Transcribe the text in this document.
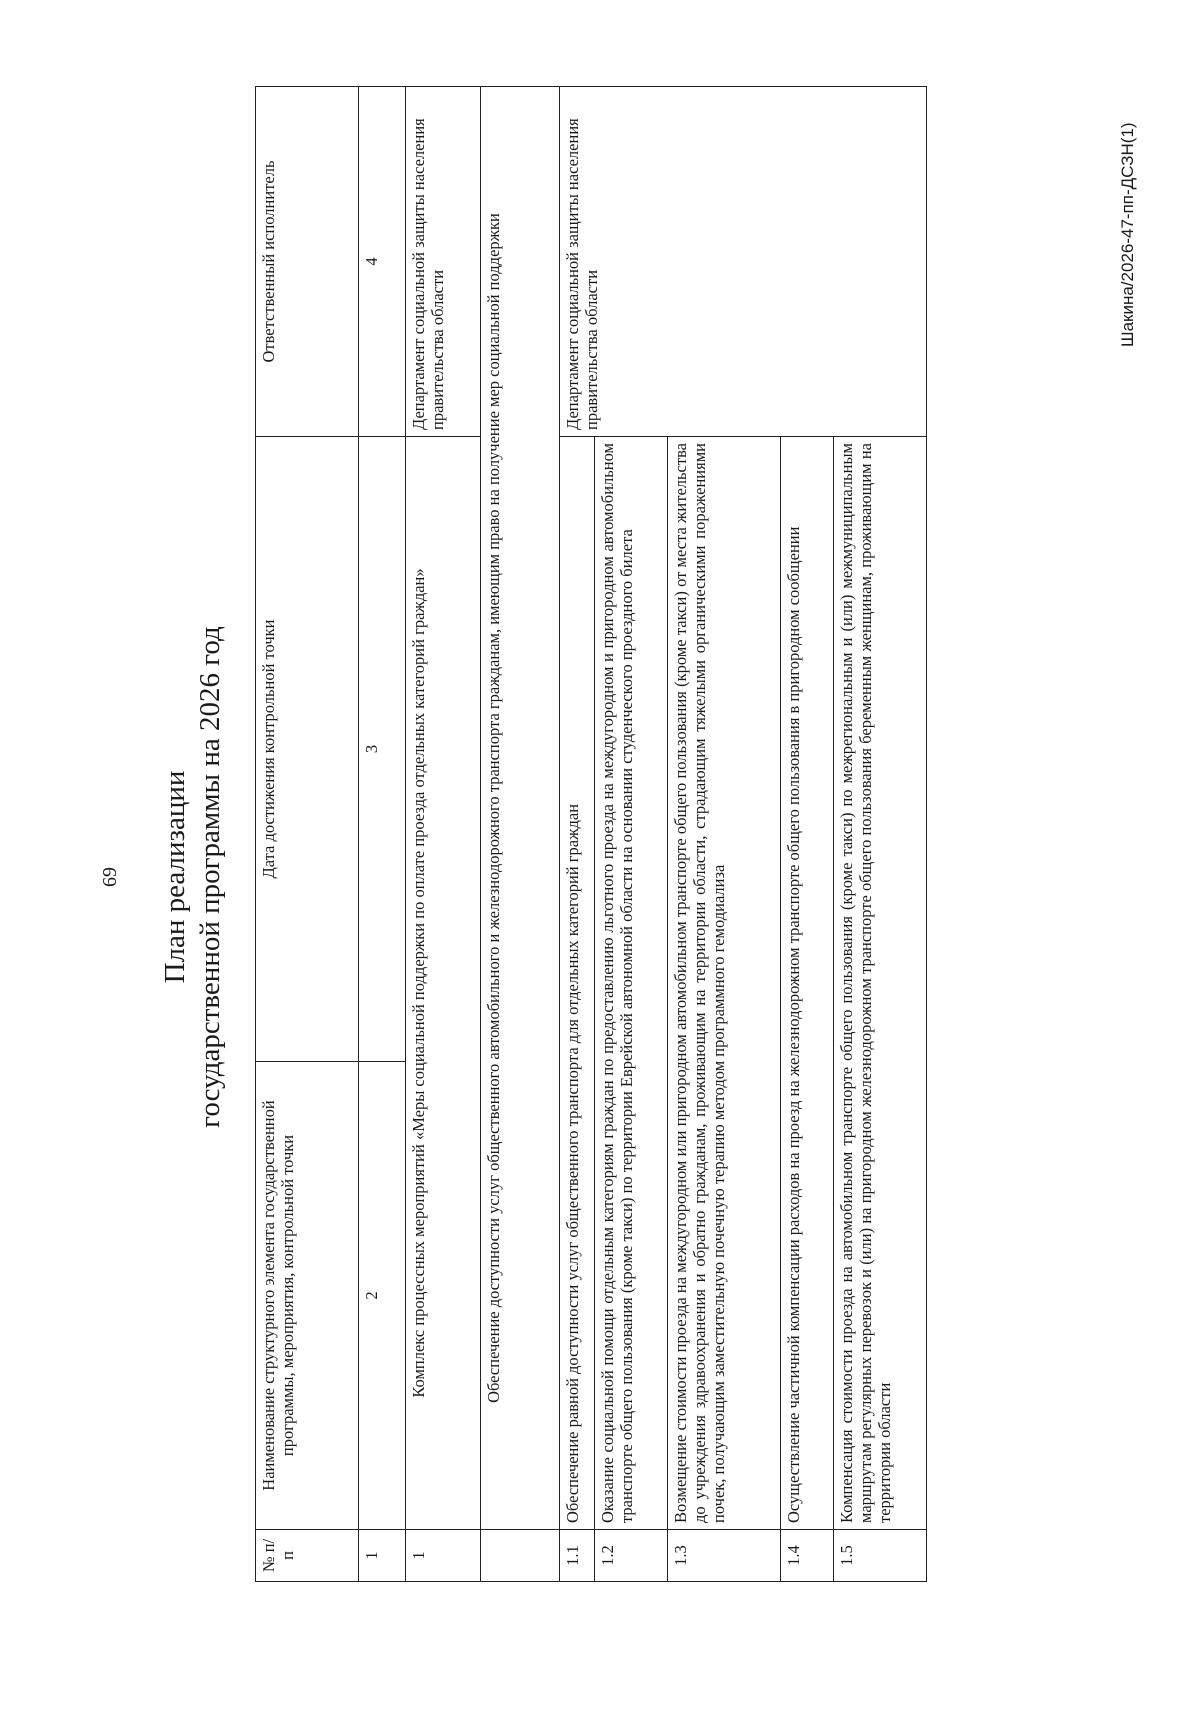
69 План реализации государственной программы на 2026 год
Шакина/2026-47-пп-ДСЗН(1)
№ п/п	Наименование структурного элемента государственной программы, мероприятия, контрольной точки	Дата достижения контрольной точки	Ответственный исполнитель
1	2	3	4
1	Комплекс процессных мероприятий «Меры социальной поддержки по оплате проезда отдельных категорий граждан»		Департамент социальной защиты населения правительства области
	Обеспечение доступности услуг общественного автомобильного и железнодорожного транспорта гражданам, имеющим право на получение мер социальной поддержки		
1.1	Обеспечение равной доступности услуг общественного транспорта для отдельных категорий граждан		Департамент социальной защиты населения правительства области
1.2	Оказание социальной помощи отдельным категориям граждан по предоставлению льготного проезда на междугородном и пригородном автомобильном транспорте общего пользования (кроме такси) по территории Еврейской автономной области на основании студенческого проездного билета		
1.3	Возмещение стоимости проезда на междугородном или пригородном автомобильном транспорте общего пользования (кроме такси) от места жительства до учреждения здравоохранения и обратно гражданам, проживающим на территории области, страдающим тяжелыми органическими поражениями почек, получающим заместительную почечную терапию методом программного гемодиализа		
1.4	Осуществление частичной компенсации расходов на проезд на железнодорожном транспорте общего пользования в пригородном сообщении		
1.5	Компенсация стоимости проезда на автомобильном транспорте общего пользования (кроме такси) по межрегиональным и (или) межмуниципальным маршрутам регулярных перевозок и (или) на пригородном железнодорожном транспорте общего пользования беременным женщинам, проживающим на территории области		
